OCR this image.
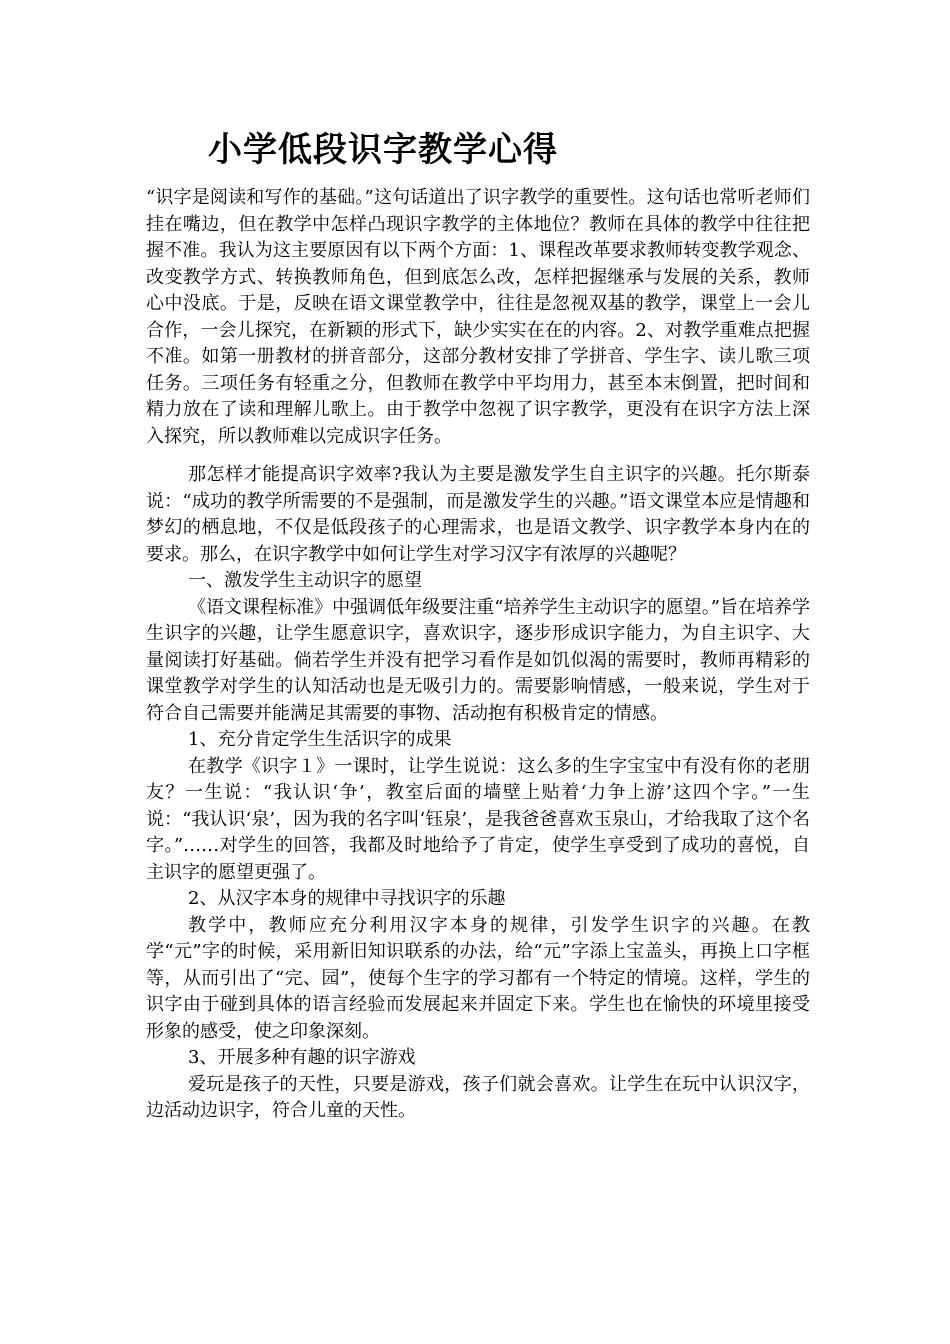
小学低段识字教学心得

“识字是阅读和写作的基础。”这句话道出了识字教学的重要性。这句话也常听老师们挂在嘴边，但在教学中怎样凸现识字教学的主体地位？教师在具体的教学中往往把握不准。我认为这主要原因有以下两个方面：1、课程改革要求教师转变教学观念、改变教学方式、转换教师角色，但到底怎么改，怎样把握继承与发展的关系，教师心中没底。于是，反映在语文课堂教学中，往往是忽视双基的教学，课堂上一会儿合作，一会儿探究，在新颖的形式下，缺少实实在在的内容。2、对教学重难点把握不准。如第一册教材的拼音部分，这部分教材安排了学拼音、学生字、读儿歌三项任务。三项任务有轻重之分，但教师在教学中平均用力，甚至本末倒置，把时间和精力放在了读和理解儿歌上。由于教学中忽视了识字教学，更没有在识字方法上深入探究，所以教师难以完成识字任务。

那怎样才能提高识字效率?我认为主要是激发学生自主识字的兴趣。托尔斯泰说：“成功的教学所需要的不是强制，而是激发学生的兴趣。”语文课堂本应是情趣和梦幻的栖息地，不仅是低段孩子的心理需求，也是语文教学、识字教学本身内在的要求。那么，在识字教学中如何让学生对学习汉字有浓厚的兴趣呢？

一、激发学生主动识字的愿望

《语文课程标准》中强调低年级要注重“培养学生主动识字的愿望。”旨在培养学生识字的兴趣，让学生愿意识字，喜欢识字，逐步形成识字能力，为自主识字、大量阅读打好基础。倘若学生并没有把学习看作是如饥似渴的需要时，教师再精彩的课堂教学对学生的认知活动也是无吸引力的。需要影响情感，一般来说，学生对于符合自己需要并能满足其需要的事物、活动抱有积极肯定的情感。

1、充分肯定学生生活识字的成果

在教学《识字１》一课时，让学生说说：这么多的生字宝宝中有没有你的老朋友？一生说：“我认识‘争’，教室后面的墙壁上贴着‘力争上游’这四个字。”一生说：“我认识‘泉’，因为我的名字叫‘钰泉’，是我爸爸喜欢玉泉山，才给我取了这个名字。”……对学生的回答，我都及时地给予了肯定，使学生享受到了成功的喜悦，自主识字的愿望更强了。

2、从汉字本身的规律中寻找识字的乐趣

教学中，教师应充分利用汉字本身的规律，引发学生识字的兴趣。在教学“元”字的时候，采用新旧知识联系的办法，给“元”字添上宝盖头，再换上口字框等，从而引出了“完、园”，使每个生字的学习都有一个特定的情境。这样，学生的识字由于碰到具体的语言经验而发展起来并固定下来。学生也在愉快的环境里接受形象的感受，使之印象深刻。

3、开展多种有趣的识字游戏

爱玩是孩子的天性，只要是游戏，孩子们就会喜欢。让学生在玩中认识汉字，边活动边识字，符合儿童的天性。
